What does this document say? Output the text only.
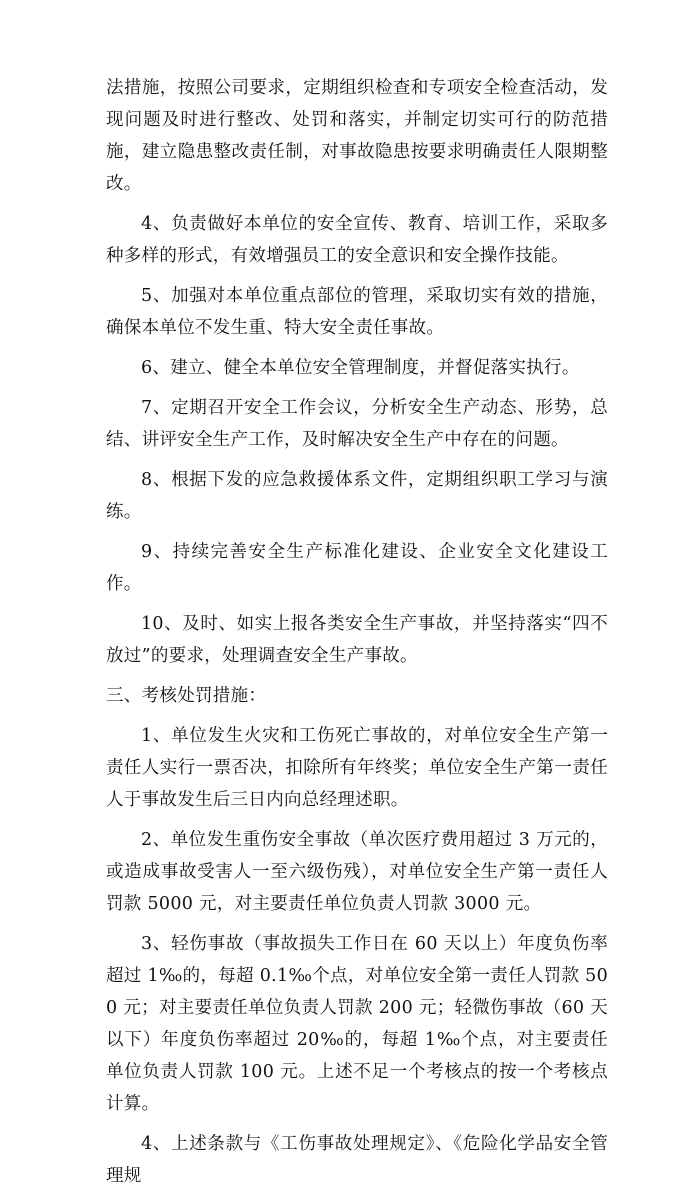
法措施，按照公司要求，定期组织检查和专项安全检查活动，发现问题及时进行整改、处罚和落实，并制定切实可行的防范措施，建立隐患整改责任制，对事故隐患按要求明确责任人限期整改。

4、负责做好本单位的安全宣传、教育、培训工作，采取多种多样的形式，有效增强员工的安全意识和安全操作技能。

5、加强对本单位重点部位的管理，采取切实有效的措施，确保本单位不发生重、特大安全责任事故。

6、建立、健全本单位安全管理制度，并督促落实执行。

7、定期召开安全工作会议，分析安全生产动态、形势，总结、讲评安全生产工作，及时解决安全生产中存在的问题。

8、根据下发的应急救援体系文件，定期组织职工学习与演练。

9、持续完善安全生产标准化建设、企业安全文化建设工作。

10、及时、如实上报各类安全生产事故，并坚持落实“四不放过”的要求，处理调查安全生产事故。

三、考核处罚措施：

1、单位发生火灾和工伤死亡事故的，对单位安全生产第一责任人实行一票否决，扣除所有年终奖；单位安全生产第一责任人于事故发生后三日内向总经理述职。

2、单位发生重伤安全事故（单次医疗费用超过 3 万元的，或造成事故受害人一至六级伤残），对单位安全生产第一责任人罚款 5000 元，对主要责任单位负责人罚款 3000 元。

3、轻伤事故（事故损失工作日在 60 天以上）年度负伤率超过 1‰的，每超 0.1‰个点，对单位安全第一责任人罚款 500 元；对主要责任单位负责人罚款 200 元；轻微伤事故（60 天以下）年度负伤率超过 20‰的，每超 1‰个点，对主要责任单位负责人罚款 100 元。上述不足一个考核点的按一个考核点计算。

4、上述条款与《工伤事故处理规定》、《危险化学品安全管理规
